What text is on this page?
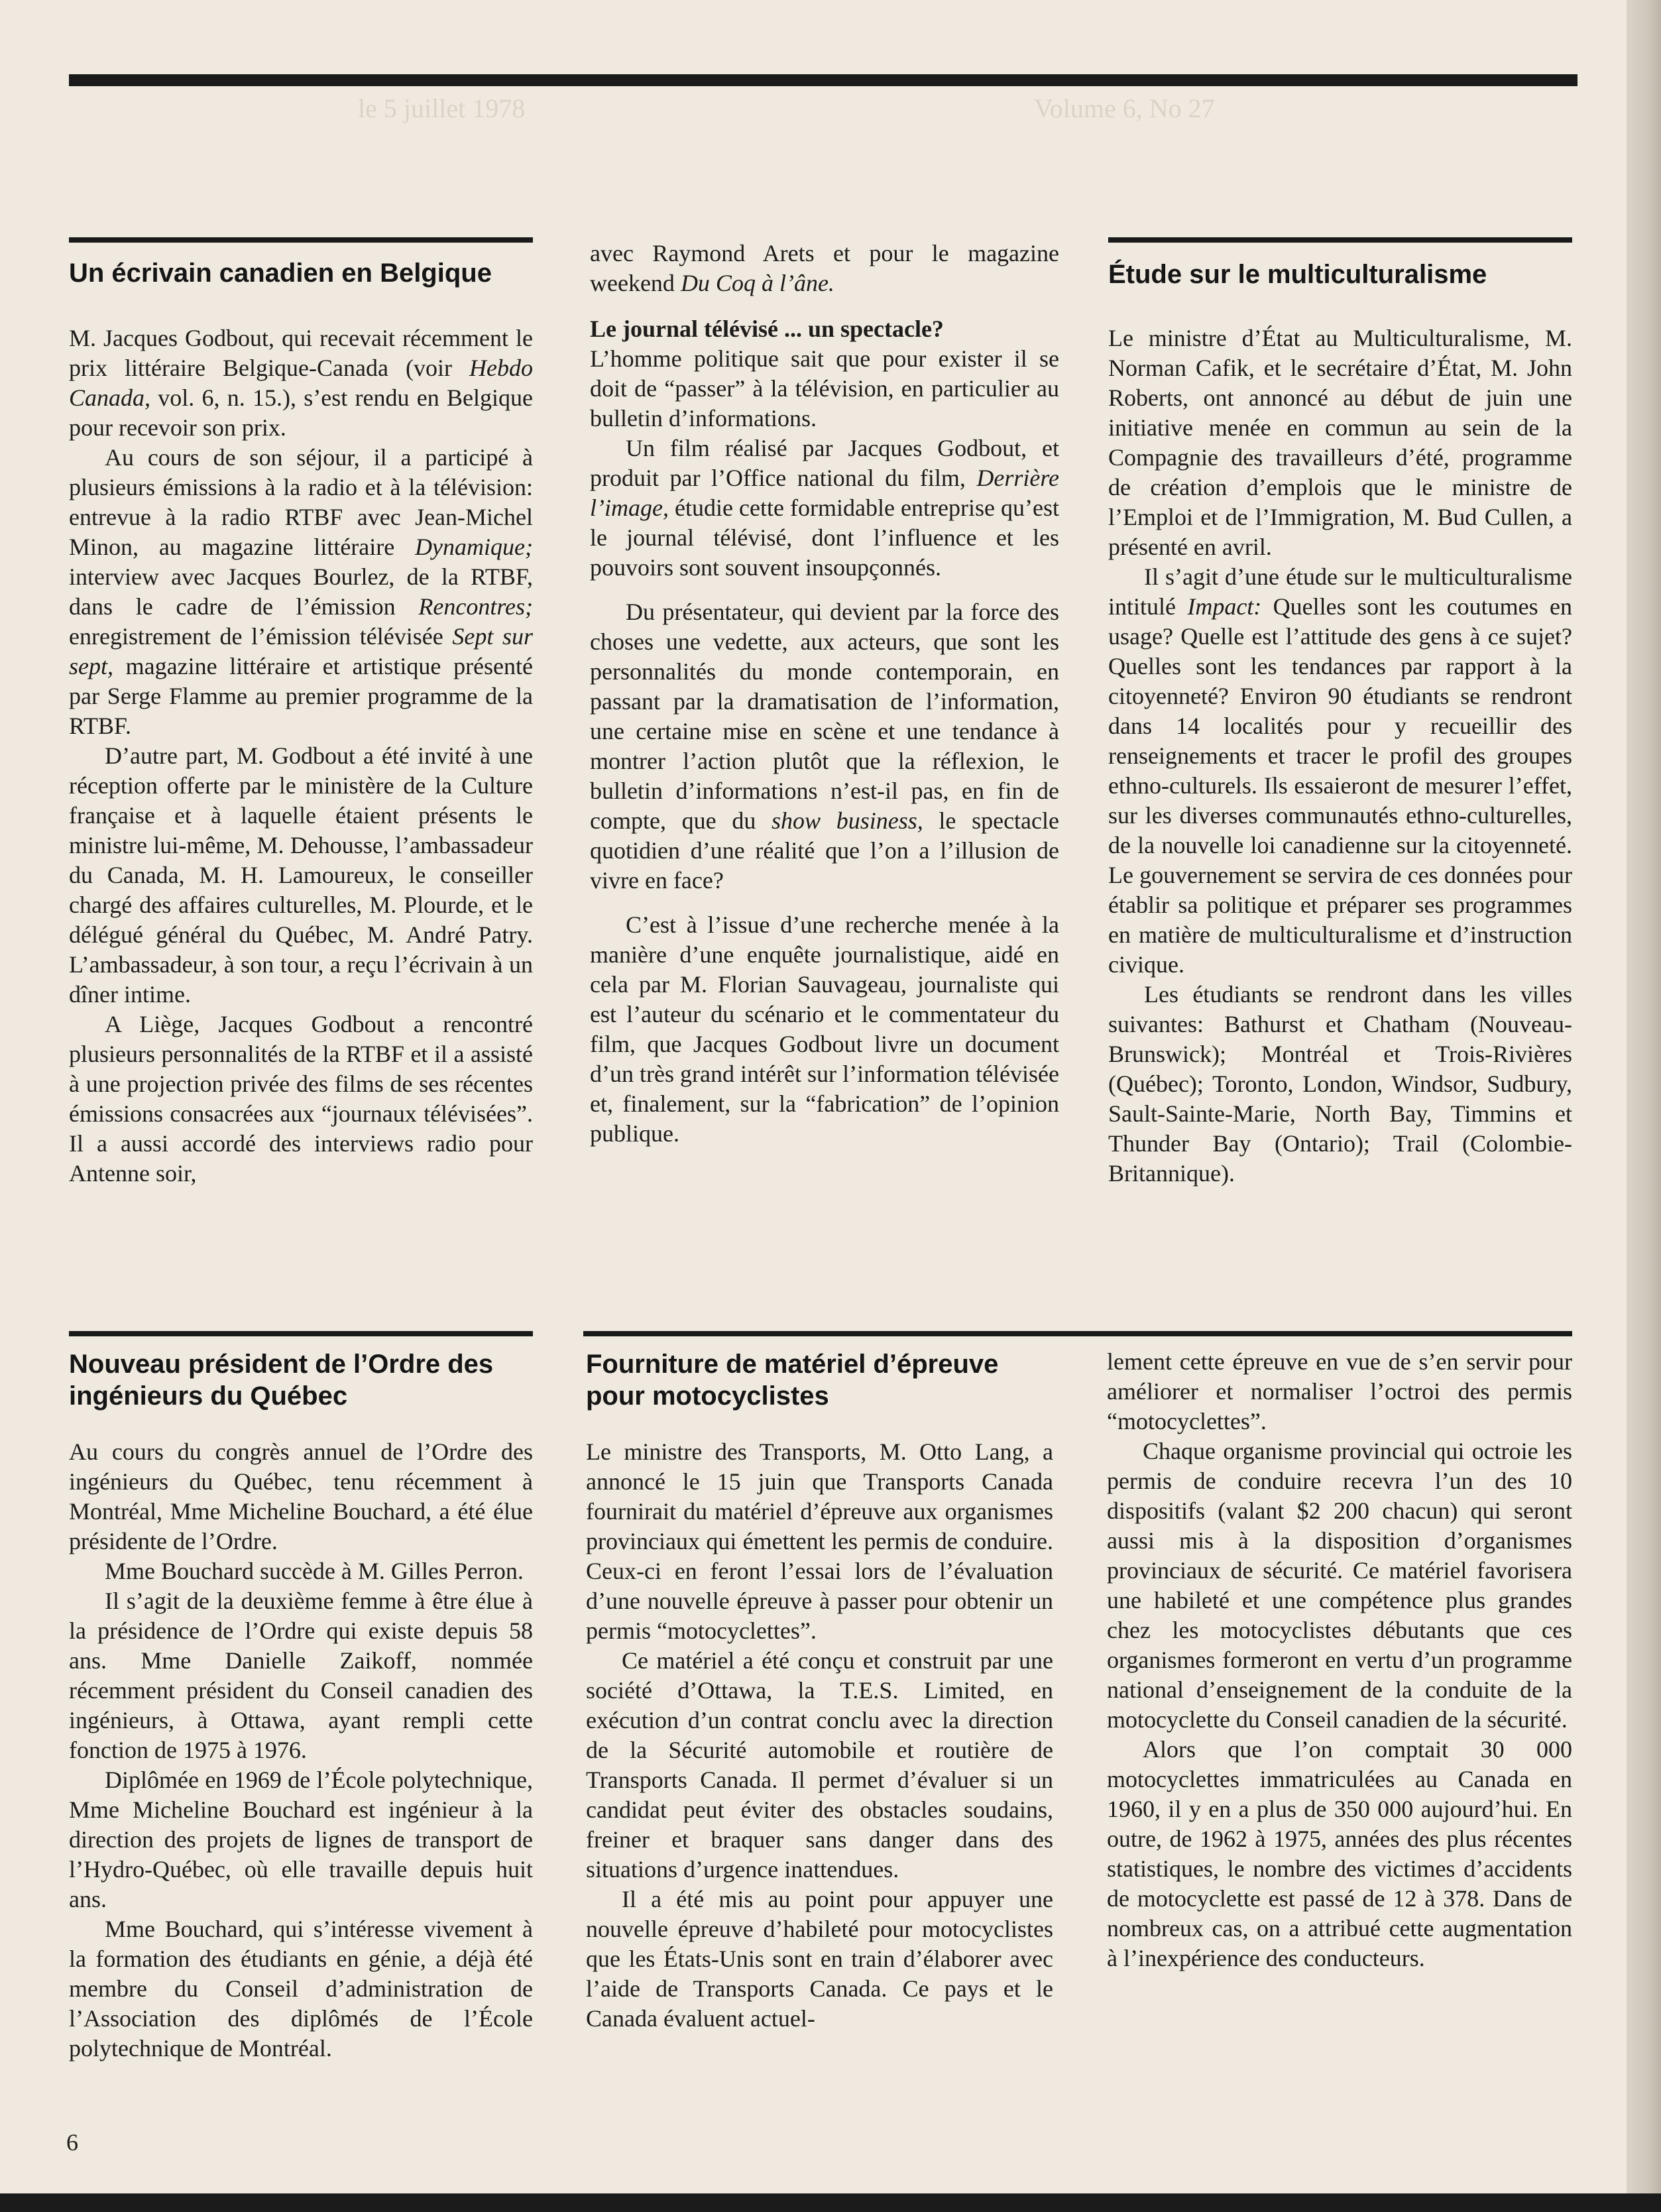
Volume 6, No 27
le 5 juillet 1978
Un écrivain canadien en Belgique

M. Jacques Godbout, qui recevait récemment le prix littéraire Belgique-Canada (voir Hebdo Canada, vol. 6, n. 15.), s’est rendu en Belgique pour recevoir son prix.

Au cours de son séjour, il a participé à plusieurs émissions à la radio et à la télévision: entrevue à la radio RTBF avec Jean-Michel Minon, au magazine littéraire Dynamique; interview avec Jacques Bourlez, de la RTBF, dans le cadre de l’émission Rencontres; enregistrement de l’émission télévisée Sept sur sept, magazine littéraire et artistique présenté par Serge Flamme au premier programme de la RTBF.

D’autre part, M. Godbout a été invité à une réception offerte par le ministère de la Culture française et à laquelle étaient présents le ministre lui-même, M. Dehousse, l’ambassadeur du Canada, M. H. Lamoureux, le conseiller chargé des affaires culturelles, M. Plourde, et le délégué général du Québec, M. André Patry. L’ambassadeur, à son tour, a reçu l’écrivain à un dîner intime.

A Liège, Jacques Godbout a rencontré plusieurs personnalités de la RTBF et il a assisté à une projection privée des films de ses récentes émissions consacrées aux “journaux télévisées”. Il a aussi accordé des interviews radio pour Antenne soir,

avec Raymond Arets et pour le magazine weekend Du Coq à l’âne.

Le journal télévisé ... un spectacle?

L’homme politique sait que pour exister il se doit de “passer” à la télévision, en particulier au bulletin d’informations.

Un film réalisé par Jacques Godbout, et produit par l’Office national du film, Derrière l’image, étudie cette formidable entreprise qu’est le journal télévisé, dont l’influence et les pouvoirs sont souvent insoupçonnés.

Du présentateur, qui devient par la force des choses une vedette, aux acteurs, que sont les personnalités du monde contemporain, en passant par la dramatisation de l’information, une certaine mise en scène et une tendance à montrer l’action plutôt que la réflexion, le bulletin d’informations n’est-il pas, en fin de compte, que du show business, le spectacle quotidien d’une réalité que l’on a l’illusion de vivre en face?

C’est à l’issue d’une recherche menée à la manière d’une enquête journalistique, aidé en cela par M. Florian Sauvageau, journaliste qui est l’auteur du scénario et le commentateur du film, que Jacques Godbout livre un document d’un très grand intérêt sur l’information télévisée et, finalement, sur la “fabrication” de l’opinion publique.

Étude sur le multiculturalisme

Le ministre d’État au Multiculturalisme, M. Norman Cafik, et le secrétaire d’État, M. John Roberts, ont annoncé au début de juin une initiative menée en commun au sein de la Compagnie des travailleurs d’été, programme de création d’emplois que le ministre de l’Emploi et de l’Immigration, M. Bud Cullen, a présenté en avril.

Il s’agit d’une étude sur le multiculturalisme intitulé Impact: Quelles sont les coutumes en usage? Quelle est l’attitude des gens à ce sujet? Quelles sont les tendances par rapport à la citoyenneté? Environ 90 étudiants se rendront dans 14 localités pour y recueillir des renseignements et tracer le profil des groupes ethno-culturels. Ils essaieront de mesurer l’effet, sur les diverses communautés ethno-culturelles, de la nouvelle loi canadienne sur la citoyenneté. Le gouvernement se servira de ces données pour établir sa politique et préparer ses programmes en matière de multiculturalisme et d’instruction civique.

Les étudiants se rendront dans les villes suivantes: Bathurst et Chatham (Nouveau-Brunswick); Montréal et Trois-Rivières (Québec); Toronto, London, Windsor, Sudbury, Sault-Sainte-Marie, North Bay, Timmins et Thunder Bay (Ontario); Trail (Colombie-Britannique).

Nouveau président de l’Ordre des ingénieurs du Québec

Au cours du congrès annuel de l’Ordre des ingénieurs du Québec, tenu récemment à Montréal, Mme Micheline Bouchard, a été élue présidente de l’Ordre.

Mme Bouchard succède à M. Gilles Perron.

Il s’agit de la deuxième femme à être élue à la présidence de l’Ordre qui existe depuis 58 ans. Mme Danielle Zaikoff, nommée récemment président du Conseil canadien des ingénieurs, à Ottawa, ayant rempli cette fonction de 1975 à 1976.

Diplômée en 1969 de l’École polytechnique, Mme Micheline Bouchard est ingénieur à la direction des projets de lignes de transport de l’Hydro-Québec, où elle travaille depuis huit ans.

Mme Bouchard, qui s’intéresse vivement à la formation des étudiants en génie, a déjà été membre du Conseil d’administration de l’Association des diplômés de l’École polytechnique de Montréal.

Fourniture de matériel d’épreuve pour motocyclistes

Le ministre des Transports, M. Otto Lang, a annoncé le 15 juin que Transports Canada fournirait du matériel d’épreuve aux organismes provinciaux qui émettent les permis de conduire. Ceux-ci en feront l’essai lors de l’évaluation d’une nouvelle épreuve à passer pour obtenir un permis “motocyclettes”.

Ce matériel a été conçu et construit par une société d’Ottawa, la T.E.S. Limited, en exécution d’un contrat conclu avec la direction de la Sécurité automobile et routière de Transports Canada. Il permet d’évaluer si un candidat peut éviter des obstacles soudains, freiner et braquer sans danger dans des situations d’urgence inattendues.

Il a été mis au point pour appuyer une nouvelle épreuve d’habileté pour motocyclistes que les États-Unis sont en train d’élaborer avec l’aide de Transports Canada. Ce pays et le Canada évaluent actuel-

lement cette épreuve en vue de s’en servir pour améliorer et normaliser l’octroi des permis “motocyclettes”.

Chaque organisme provincial qui octroie les permis de conduire recevra l’un des 10 dispositifs (valant $2 200 chacun) qui seront aussi mis à la disposition d’organismes provinciaux de sécurité. Ce matériel favorisera une habileté et une compétence plus grandes chez les motocyclistes débutants que ces organismes formeront en vertu d’un programme national d’enseignement de la conduite de la motocyclette du Conseil canadien de la sécurité.

Alors que l’on comptait 30 000 motocyclettes immatriculées au Canada en 1960, il y en a plus de 350 000 aujourd’hui. En outre, de 1962 à 1975, années des plus récentes statistiques, le nombre des victimes d’accidents de motocyclette est passé de 12 à 378. Dans de nombreux cas, on a attribué cette augmentation à l’inexpérience des conducteurs.

6
